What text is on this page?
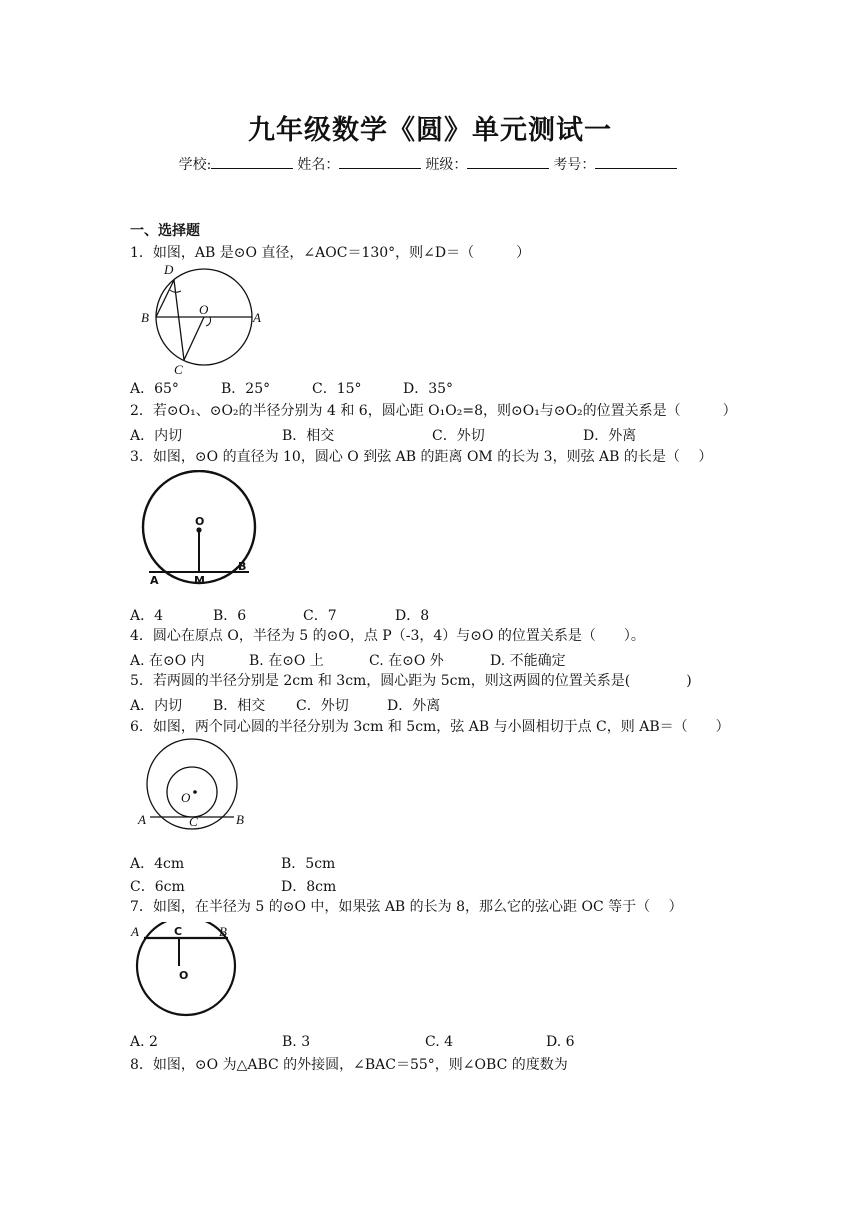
九年级数学《圆》单元测试一
学校:	姓名：	班级：	考号：
一、选择题
1．如图，AB 是⊙O 直径，∠AOC＝130°，则∠D＝（　　　）
D
B
O
A
C
A．65°	B．25°	C．15°	D．35°
2．若⊙O₁、⊙O₂的半径分别为 4 和 6，圆心距 O₁O₂=8，则⊙O₁与⊙O₂的位置关系是（　　　）
A．内切	B．相交	C．外切	D．外离
3．如图，⊙O 的直径为 10，圆心 O 到弦 AB 的距离 OM 的长为 3，则弦 AB 的长是（　 ）
O
A	M
B
A．4	B．6	C．7	D．8
4．圆心在原点 O，半径为 5 的⊙O，点 P（-3，4）与⊙O 的位置关系是（　　）。
A. 在⊙O 内	B. 在⊙O 上	C. 在⊙O 外	D. 不能确定
5．若两圆的半径分别是 2cm 和 3cm，圆心距为 5cm，则这两圆的位置关系是(　　　　)
A．内切 B．相交 C．外切	D．外离
6．如图，两个同心圆的半径分别为 3cm 和 5cm，弦 AB 与小圆相切于点 C，则 AB＝（　　）
O
A	C	B
A．4cm	B．5cm
C．6cm	D．8cm
7．如图，在半径为 5 的⊙O 中，如果弦 AB 的长为 8，那么它的弦心距 OC 等于（　 ）
A	C	B
O
A. 2	B. 3	C. 4	D. 6
8．如图，⊙O 为△ABC 的外接圆，∠BAC＝55°，则∠OBC 的度数为
